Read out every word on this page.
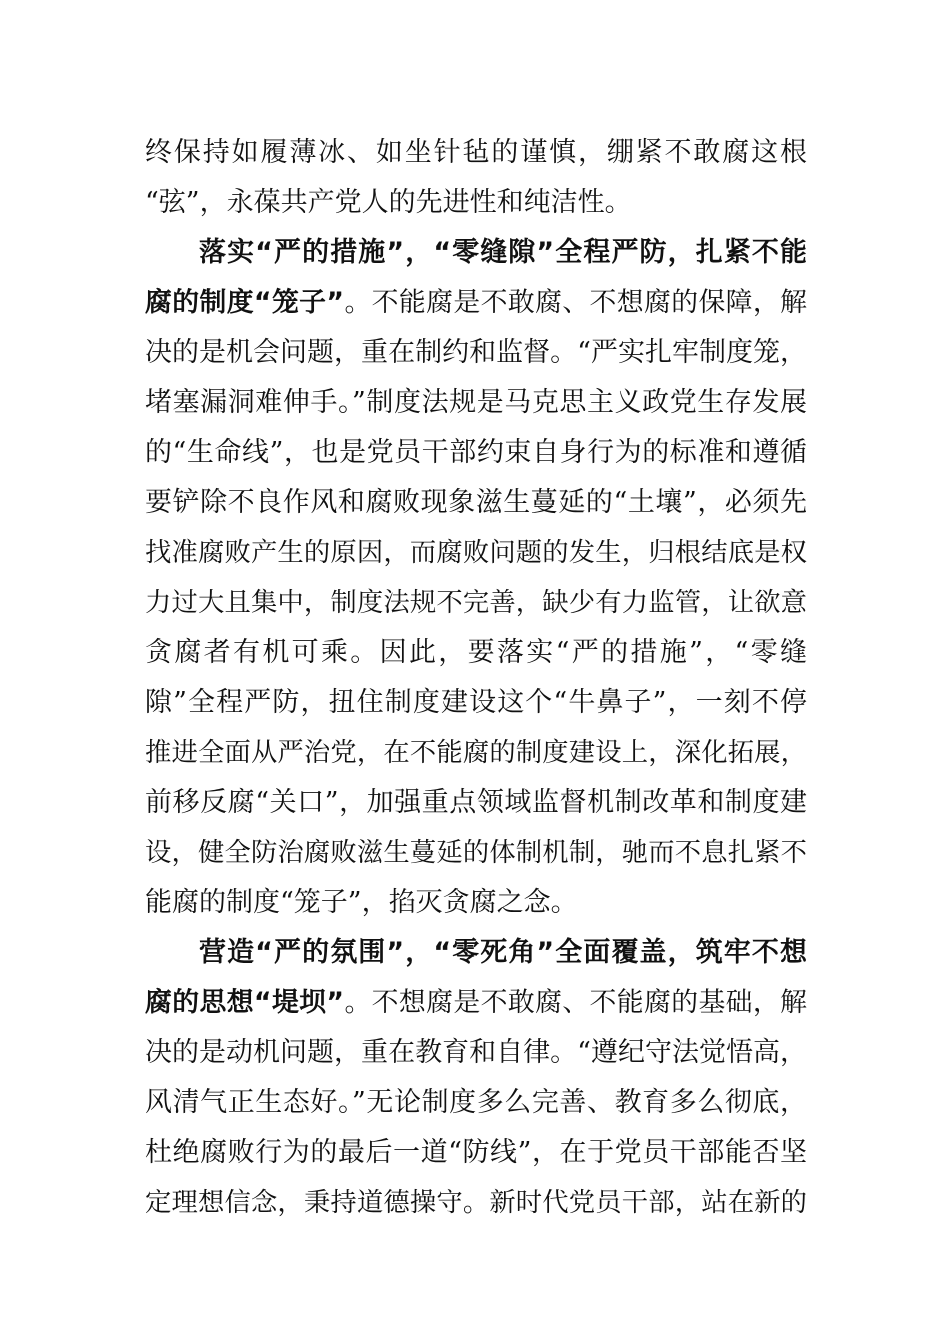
终保持如履薄冰、如坐针毡的谨慎，绷紧不敢腐这根
“弦”，永葆共产党人的先进性和纯洁性。
落实“严的措施”，“零缝隙”全程严防，扎紧不能
腐的制度“笼子”。不能腐是不敢腐、不想腐的保障，解
决的是机会问题，重在制约和监督。“严实扎牢制度笼，
堵塞漏洞难伸手。”制度法规是马克思主义政党生存发展
的“生命线”，也是党员干部约束自身行为的标准和遵循
要铲除不良作风和腐败现象滋生蔓延的“土壤”，必须先
找准腐败产生的原因，而腐败问题的发生，归根结底是权
力过大且集中，制度法规不完善，缺少有力监管，让欲意
贪腐者有机可乘。因此，要落实“严的措施”，“零缝
隙”全程严防，扭住制度建设这个“牛鼻子”，一刻不停
推进全面从严治党，在不能腐的制度建设上，深化拓展，
前移反腐“关口”，加强重点领域监督机制改革和制度建
设，健全防治腐败滋生蔓延的体制机制，驰而不息扎紧不
能腐的制度“笼子”，掐灭贪腐之念。
营造“严的氛围”，“零死角”全面覆盖，筑牢不想
腐的思想“堤坝”。不想腐是不敢腐、不能腐的基础，解
决的是动机问题，重在教育和自律。“遵纪守法觉悟高，
风清气正生态好。”无论制度多么完善、教育多么彻底，
杜绝腐败行为的最后一道“防线”，在于党员干部能否坚
定理想信念，秉持道德操守。新时代党员干部，站在新的
